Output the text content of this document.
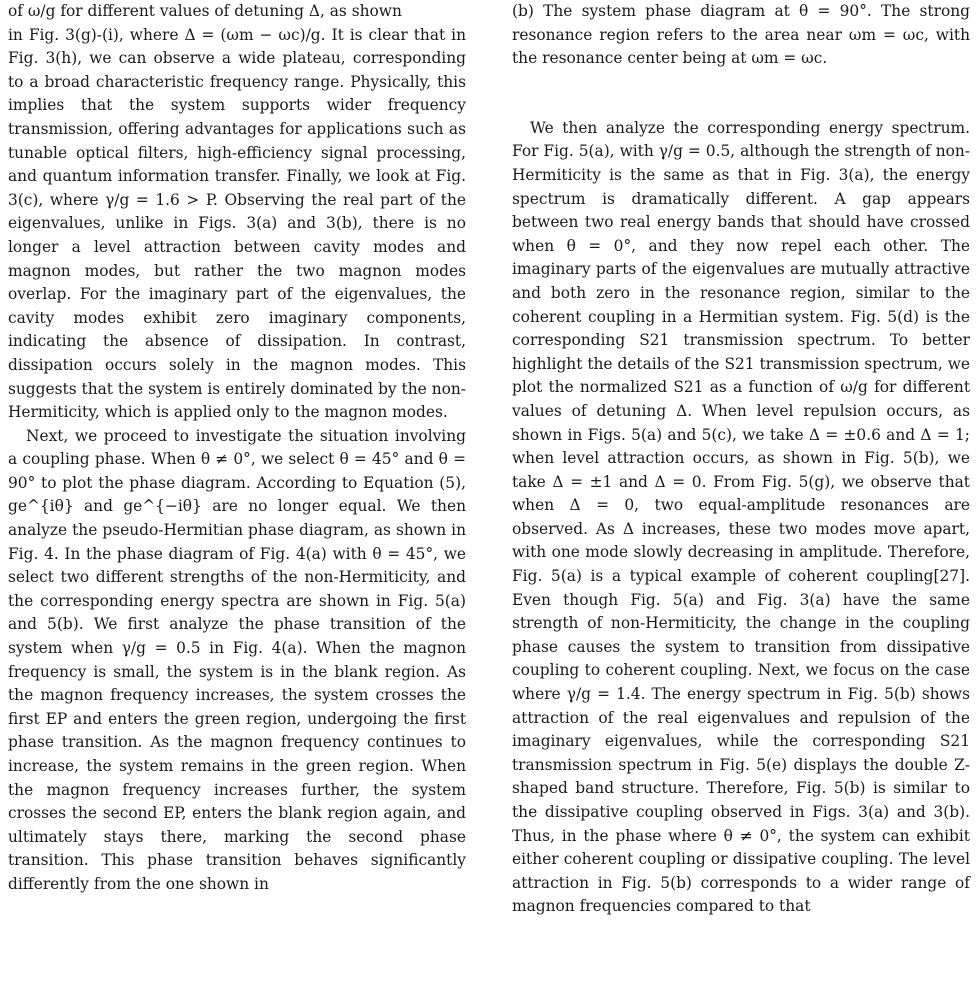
of ω/g for different values of detuning Δ, as shown

in Fig. 3(g)-(i), where Δ = (ωm − ωc)/g. It is clear that in Fig. 3(h), we can observe a wide plateau, corresponding to a broad characteristic frequency range. Physically, this implies that the system supports wider frequency transmission, offering advantages for applications such as tunable optical filters, high-efficiency signal processing, and quantum information transfer. Finally, we look at Fig. 3(c), where γ/g = 1.6 > P. Observing the real part of the eigenvalues, unlike in Figs. 3(a) and 3(b), there is no longer a level attraction between cavity modes and magnon modes, but rather the two magnon modes overlap. For the imaginary part of the eigenvalues, the cavity modes exhibit zero imaginary components, indicating the absence of dissipation. In contrast, dissipation occurs solely in the magnon modes. This suggests that the system is entirely dominated by the non-Hermiticity, which is applied only to the magnon modes.

Next, we proceed to investigate the situation involving a coupling phase. When θ ≠ 0°, we select θ = 45° and θ = 90° to plot the phase diagram. According to Equation (5), ge^{iθ} and ge^{−iθ} are no longer equal. We then analyze the pseudo-Hermitian phase diagram, as shown in Fig. 4. In the phase diagram of Fig. 4(a) with θ = 45°, we select two different strengths of the non-Hermiticity, and the corresponding energy spectra are shown in Fig. 5(a) and 5(b). We first analyze the phase transition of the system when γ/g = 0.5 in Fig. 4(a). When the magnon frequency is small, the system is in the blank region. As the magnon frequency increases, the system crosses the first EP and enters the green region, undergoing the first phase transition. As the magnon frequency continues to increase, the system remains in the green region. When the magnon frequency increases further, the system crosses the second EP, enters the blank region again, and ultimately stays there, marking the second phase transition. This phase transition behaves significantly differently from the one shown in

(b) The system phase diagram at θ = 90°. The strong resonance region refers to the area near ωm = ωc, with the resonance center being at ωm = ωc.

We then analyze the corresponding energy spectrum. For Fig. 5(a), with γ/g = 0.5, although the strength of non-Hermiticity is the same as that in Fig. 3(a), the energy spectrum is dramatically different. A gap appears between two real energy bands that should have crossed when θ = 0°, and they now repel each other. The imaginary parts of the eigenvalues are mutually attractive and both zero in the resonance region, similar to the coherent coupling in a Hermitian system. Fig. 5(d) is the corresponding S21 transmission spectrum. To better highlight the details of the S21 transmission spectrum, we plot the normalized S21 as a function of ω/g for different values of detuning Δ. When level repulsion occurs, as shown in Figs. 5(a) and 5(c), we take Δ = ±0.6 and Δ = 1; when level attraction occurs, as shown in Fig. 5(b), we take Δ = ±1 and Δ = 0. From Fig. 5(g), we observe that when Δ = 0, two equal-amplitude resonances are observed. As Δ increases, these two modes move apart, with one mode slowly decreasing in amplitude. Therefore, Fig. 5(a) is a typical example of coherent coupling[27]. Even though Fig. 5(a) and Fig. 3(a) have the same strength of non-Hermiticity, the change in the coupling phase causes the system to transition from dissipative coupling to coherent coupling. Next, we focus on the case where γ/g = 1.4. The energy spectrum in Fig. 5(b) shows attraction of the real eigenvalues and repulsion of the imaginary eigenvalues, while the corresponding S21 transmission spectrum in Fig. 5(e) displays the double Z-shaped band structure. Therefore, Fig. 5(b) is similar to the dissipative coupling observed in Figs. 3(a) and 3(b). Thus, in the phase where θ ≠ 0°, the system can exhibit either coherent coupling or dissipative coupling. The level attraction in Fig. 5(b) corresponds to a wider range of magnon frequencies compared to that
